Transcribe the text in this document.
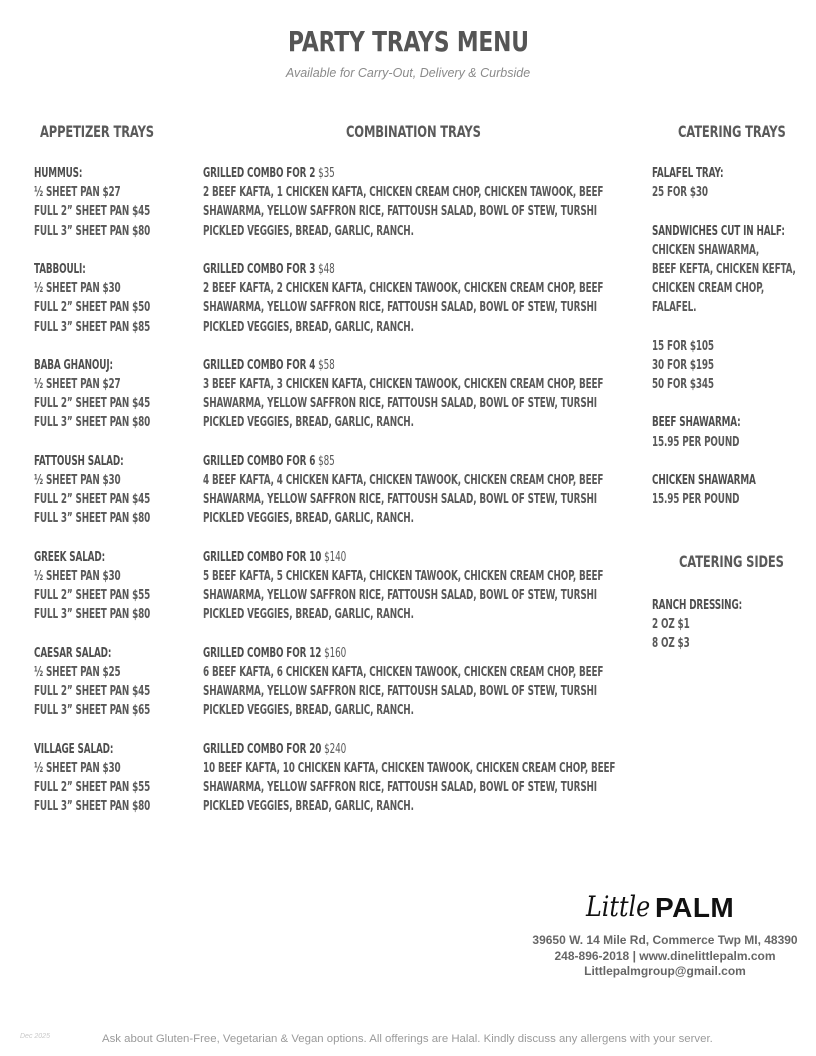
PARTY TRAYS MENU
Available for Carry-Out, Delivery & Curbside
APPETIZER TRAYS	COMBINATION TRAYS	CATERING TRAYS
HUMMUS:
½ SHEET PAN $27
FULL 2” SHEET PAN $45
FULL 3” SHEET PAN $80
TABBOULI:
½ SHEET PAN $30
FULL 2” SHEET PAN $50
FULL 3” SHEET PAN $85
BABA GHANOUJ:
½ SHEET PAN $27
FULL 2” SHEET PAN $45
FULL 3” SHEET PAN $80
FATTOUSH SALAD:
½ SHEET PAN $30
FULL 2” SHEET PAN $45
FULL 3” SHEET PAN $80
GREEK SALAD:
½ SHEET PAN $30
FULL 2” SHEET PAN $55
FULL 3” SHEET PAN $80
CAESAR SALAD:
½ SHEET PAN $25
FULL 2” SHEET PAN $45
FULL 3” SHEET PAN $65
VILLAGE SALAD:
½ SHEET PAN $30
FULL 2” SHEET PAN $55
FULL 3” SHEET PAN $80
GRILLED COMBO FOR 2 $35
2 BEEF KAFTA, 1 CHICKEN KAFTA, CHICKEN CREAM CHOP, CHICKEN TAWOOK, BEEF
SHAWARMA, YELLOW SAFFRON RICE, FATTOUSH SALAD, BOWL OF STEW, TURSHI
PICKLED VEGGIES, BREAD, GARLIC, RANCH.
GRILLED COMBO FOR 3 $48
2 BEEF KAFTA, 2 CHICKEN KAFTA, CHICKEN TAWOOK, CHICKEN CREAM CHOP, BEEF
SHAWARMA, YELLOW SAFFRON RICE, FATTOUSH SALAD, BOWL OF STEW, TURSHI
PICKLED VEGGIES, BREAD, GARLIC, RANCH.
GRILLED COMBO FOR 4 $58
3 BEEF KAFTA, 3 CHICKEN KAFTA, CHICKEN TAWOOK, CHICKEN CREAM CHOP, BEEF
SHAWARMA, YELLOW SAFFRON RICE, FATTOUSH SALAD, BOWL OF STEW, TURSHI
PICKLED VEGGIES, BREAD, GARLIC, RANCH.
GRILLED COMBO FOR 6 $85
4 BEEF KAFTA, 4 CHICKEN KAFTA, CHICKEN TAWOOK, CHICKEN CREAM CHOP, BEEF
SHAWARMA, YELLOW SAFFRON RICE, FATTOUSH SALAD, BOWL OF STEW, TURSHI
PICKLED VEGGIES, BREAD, GARLIC, RANCH.
GRILLED COMBO FOR 10 $140
5 BEEF KAFTA, 5 CHICKEN KAFTA, CHICKEN TAWOOK, CHICKEN CREAM CHOP, BEEF
SHAWARMA, YELLOW SAFFRON RICE, FATTOUSH SALAD, BOWL OF STEW, TURSHI
PICKLED VEGGIES, BREAD, GARLIC, RANCH.
GRILLED COMBO FOR 12 $160
6 BEEF KAFTA, 6 CHICKEN KAFTA, CHICKEN TAWOOK, CHICKEN CREAM CHOP, BEEF
SHAWARMA, YELLOW SAFFRON RICE, FATTOUSH SALAD, BOWL OF STEW, TURSHI
PICKLED VEGGIES, BREAD, GARLIC, RANCH.
GRILLED COMBO FOR 20 $240
10 BEEF KAFTA, 10 CHICKEN KAFTA, CHICKEN TAWOOK, CHICKEN CREAM CHOP, BEEF
SHAWARMA, YELLOW SAFFRON RICE, FATTOUSH SALAD, BOWL OF STEW, TURSHI
PICKLED VEGGIES, BREAD, GARLIC, RANCH.
FALAFEL TRAY:
25 FOR $30
SANDWICHES CUT IN HALF:
CHICKEN SHAWARMA,
BEEF KEFTA, CHICKEN KEFTA,
CHICKEN CREAM CHOP,
FALAFEL.
15 FOR $105
30 FOR $195
50 FOR $345
BEEF SHAWARMA:
15.95 PER POUND
CHICKEN SHAWARMA
15.95 PER POUND
CATERING SIDES
RANCH DRESSING:
2 OZ $1
8 OZ $3
Little PALM
39650 W. 14 Mile Rd, Commerce Twp MI, 48390
248-896-2018 | www.dinelittlepalm.com
Littlepalmgroup@gmail.com
Dec 2025	Ask about Gluten-Free, Vegetarian & Vegan options. All offerings are Halal. Kindly discuss any allergens with your server.
